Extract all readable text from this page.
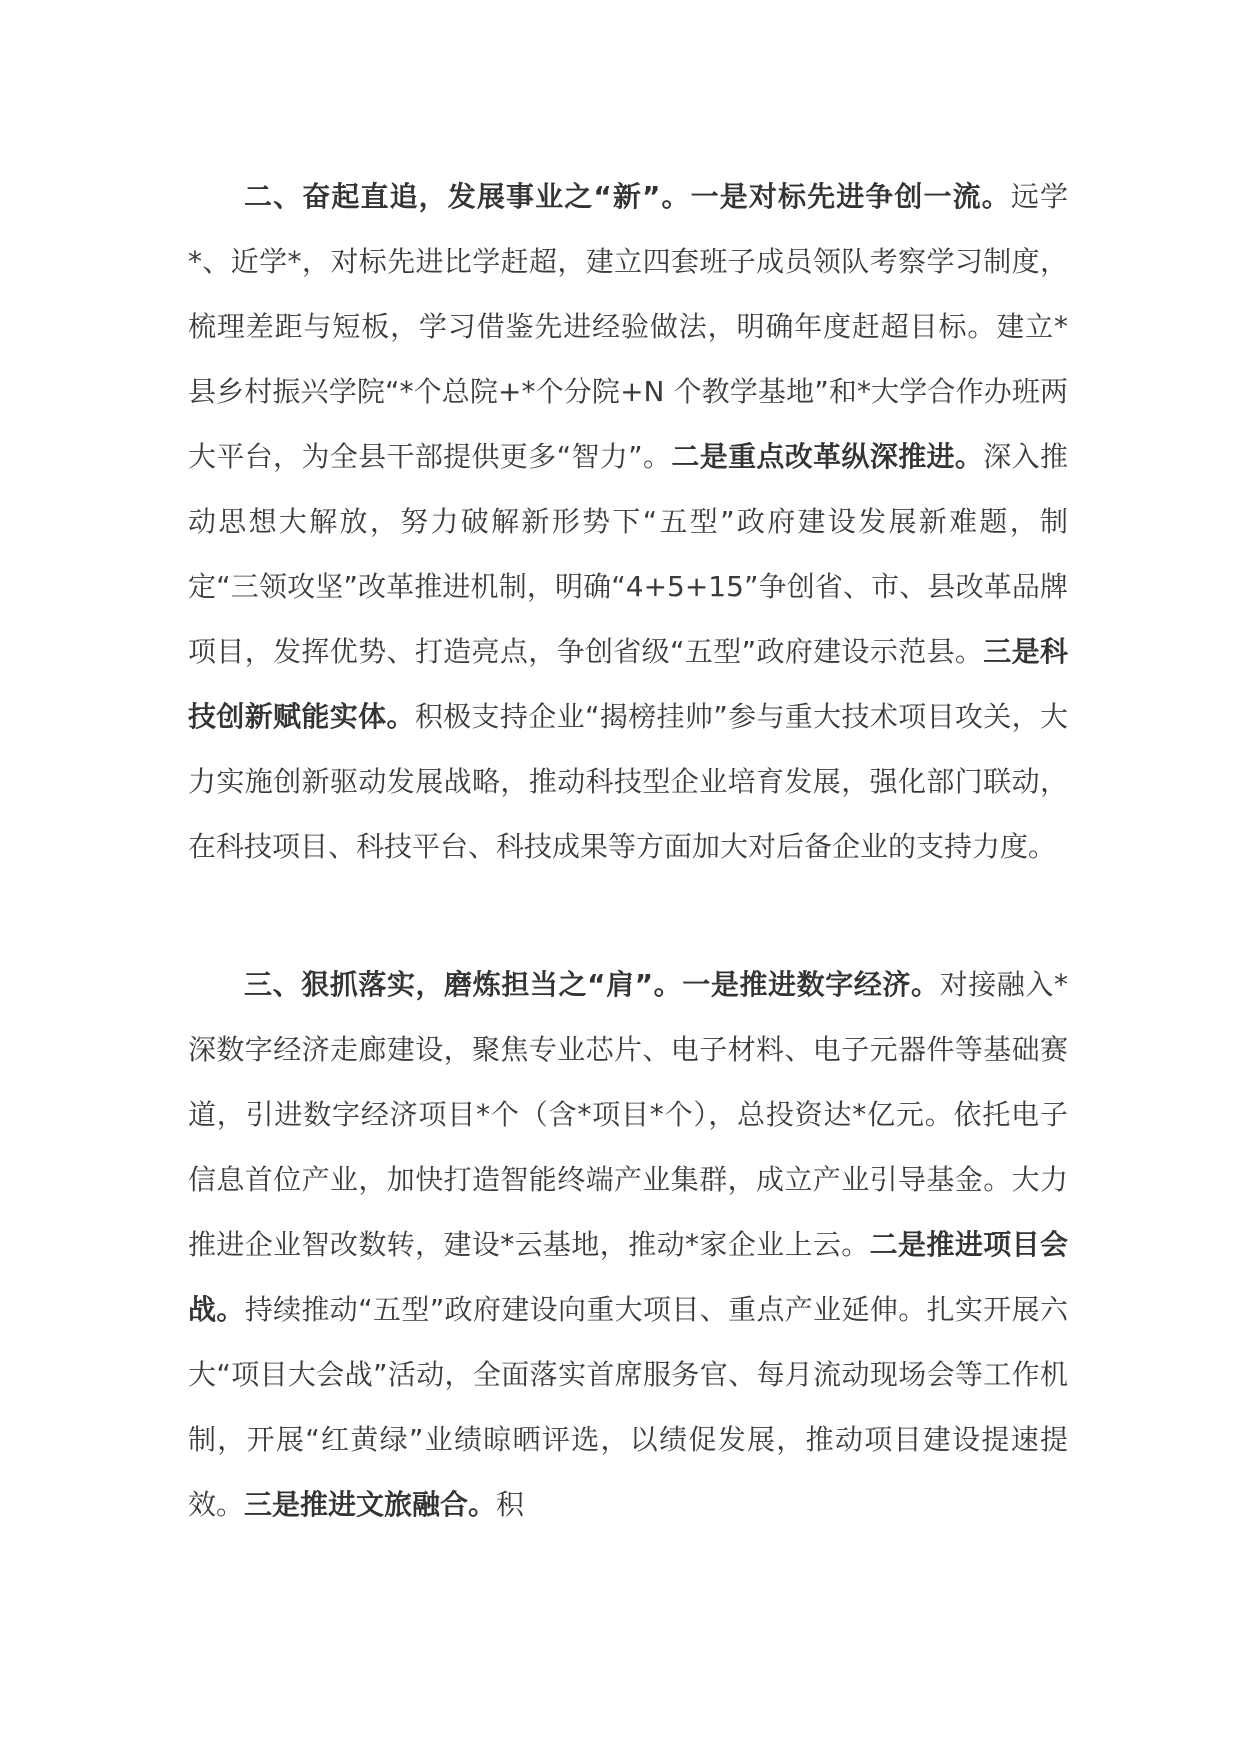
二、奋起直追，发展事业之“新”。一是对标先进争创一流。远学*、近学*，对标先进比学赶超，建立四套班子成员领队考察学习制度，梳理差距与短板，学习借鉴先进经验做法，明确年度赶超目标。建立*县乡村振兴学院“*个总院+*个分院+N 个教学基地”和*大学合作办班两大平台，为全县干部提供更多“智力”。二是重点改革纵深推进。深入推动思想大解放，努力破解新形势下“五型”政府建设发展新难题，制定“三领攻坚”改革推进机制，明确“4+5+15”争创省、市、县改革品牌项目，发挥优势、打造亮点，争创省级“五型”政府建设示范县。三是科技创新赋能实体。积极支持企业“揭榜挂帅”参与重大技术项目攻关，大力实施创新驱动发展战略，推动科技型企业培育发展，强化部门联动，在科技项目、科技平台、科技成果等方面加大对后备企业的支持力度。

三、狠抓落实，磨炼担当之“肩”。一是推进数字经济。对接融入*深数字经济走廊建设，聚焦专业芯片、电子材料、电子元器件等基础赛道，引进数字经济项目*个（含*项目*个），总投资达*亿元。依托电子信息首位产业，加快打造智能终端产业集群，成立产业引导基金。大力推进企业智改数转，建设*云基地，推动*家企业上云。二是推进项目会战。持续推动“五型”政府建设向重大项目、重点产业延伸。扎实开展六大“项目大会战”活动，全面落实首席服务官、每月流动现场会等工作机制，开展“红黄绿”业绩晾晒评选，以绩促发展，推动项目建设提速提效。三是推进文旅融合。积
